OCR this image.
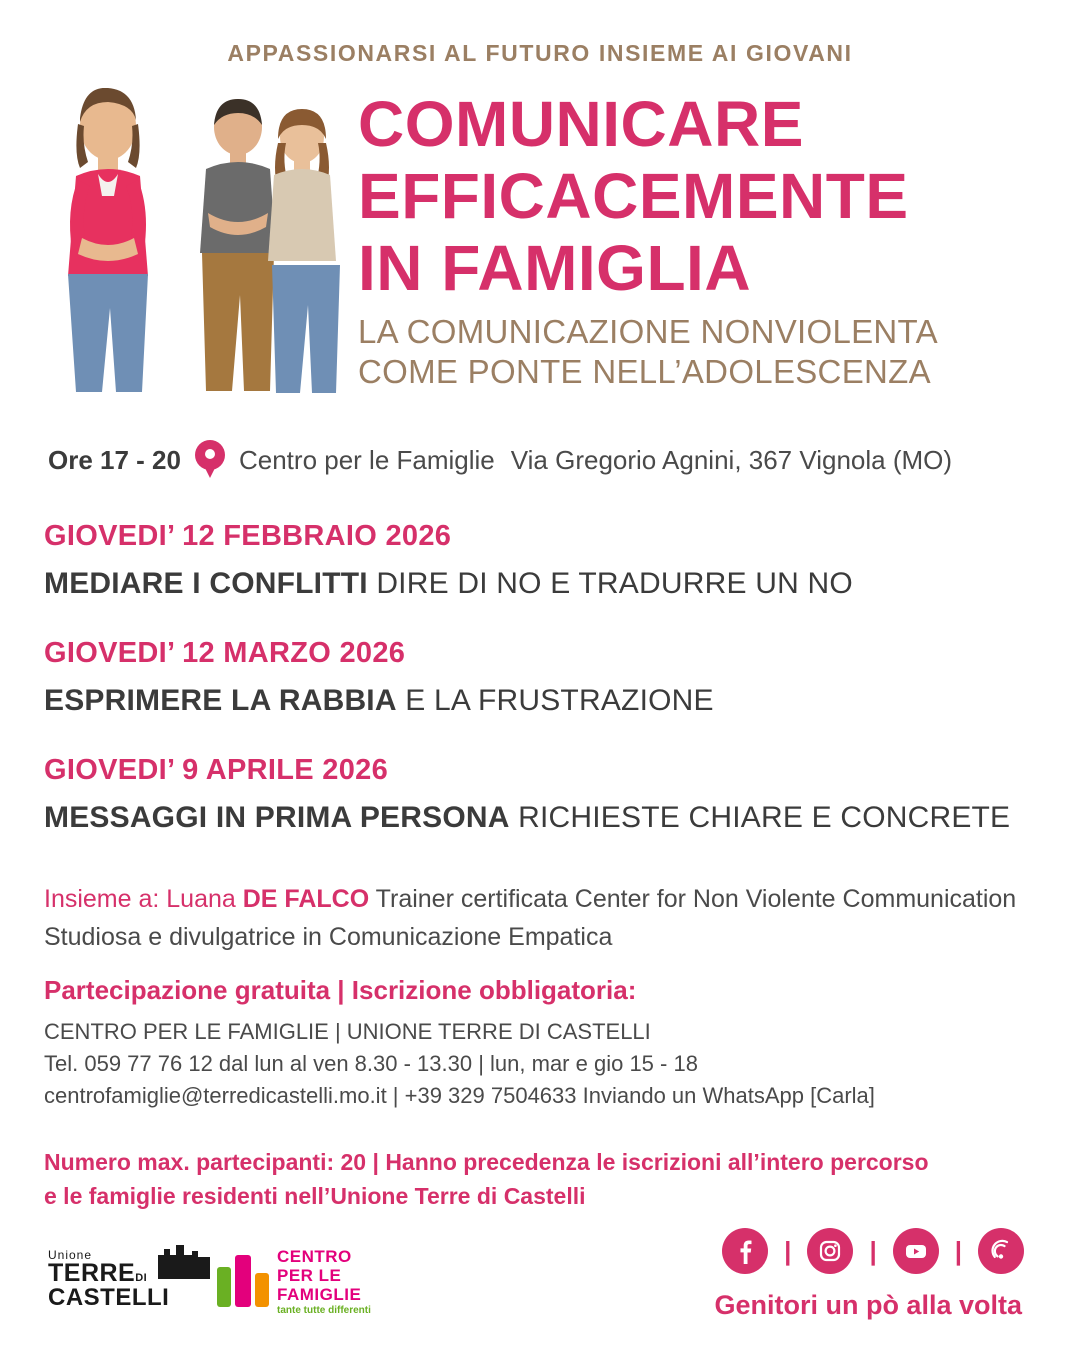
APPASSIONARSI AL FUTURO INSIEME AI GIOVANI
COMUNICARE
EFFICACEMENTE
IN FAMIGLIA
LA COMUNICAZIONE NONVIOLENTA
COME PONTE NELL’ADOLESCENZA
Ore 17 - 20 Centro per le Famiglie Via Gregorio Agnini, 367 Vignola (MO)
GIOVEDI’ 12 FEBBRAIO 2026
MEDIARE I CONFLITTI DIRE DI NO E TRADURRE UN NO
GIOVEDI’ 12 MARZO 2026
ESPRIMERE LA RABBIA E LA FRUSTRAZIONE
GIOVEDI’ 9 APRILE 2026
MESSAGGI IN PRIMA PERSONA RICHIESTE CHIARE E CONCRETE
Insieme a: Luana DE FALCO Trainer certificata Center for Non Violente Communication Studiosa e divulgatrice in Comunicazione Empatica
Partecipazione gratuita | Iscrizione obbligatoria:
CENTRO PER LE FAMIGLIE | UNIONE TERRE DI CASTELLI
Tel. 059 77 76 12 dal lun al ven 8.30 - 13.30 | lun, mar e gio 15 - 18
centrofamiglie@terredicastelli.mo.it | +39 329 7504633 Inviando un WhatsApp [Carla]
Numero max. partecipanti: 20 | Hanno precedenza le iscrizioni all’intero percorso
e le famiglie residenti nell’Unione Terre di Castelli
Unione
TERREDI
CASTELLI
CENTRO
PER LE
FAMIGLIE
tante tutte differenti
|	|	|
Genitori un pò alla volta
